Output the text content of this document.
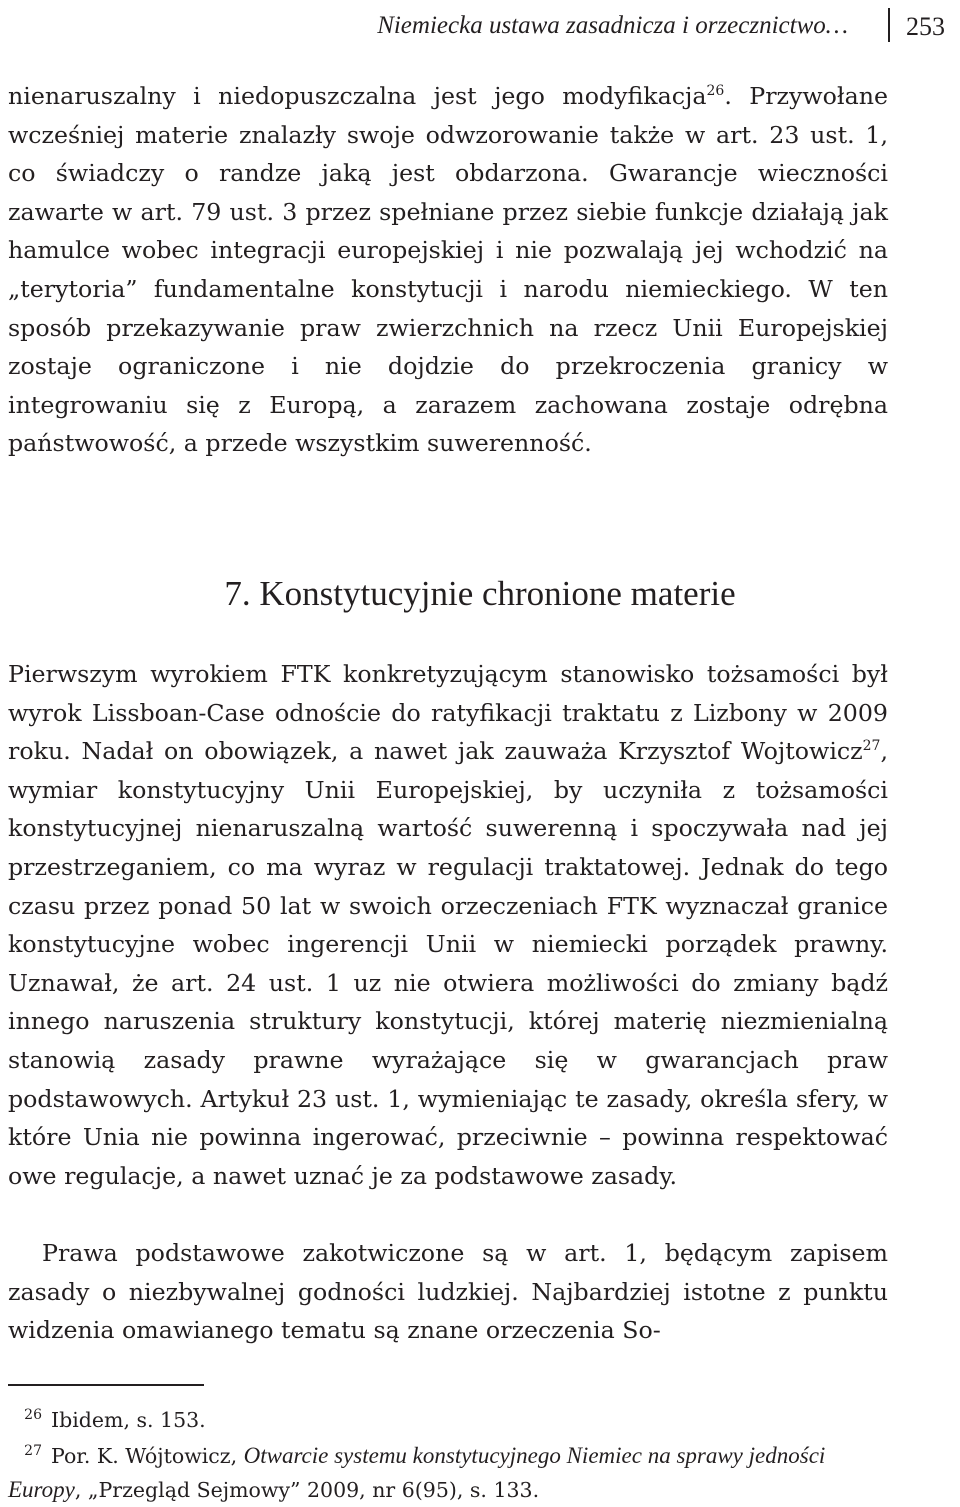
Niemiecka ustawa zasadnicza i orzecznictwo… 253

nienaruszalny i niedopuszczalna jest jego modyfikacja$^{26}$. Przywołane wcześniej materie znalazły swoje odwzorowanie także w art. 23 ust. 1, co świadczy o randze jaką jest obdarzona. Gwarancje wieczności zawarte w art. 79 ust. 3 przez spełniane przez siebie funkcje działają jak hamulce wobec integracji europejskiej i nie pozwalają jej wchodzić na „terytoria” fundamentalne konstytucji i narodu niemieckiego. W ten sposób przekazywanie praw zwierzchnich na rzecz Unii Europejskiej zostaje ograniczone i nie dojdzie do przekroczenia granicy w integrowaniu się z Europą, a zarazem zachowana zostaje odrębna państwowość, a przede wszystkim suwerenność.

7. Konstytucyjnie chronione materie

Pierwszym wyrokiem FTK konkretyzującym stanowisko tożsamości był wyrok Lissboan-Case odnoście do ratyfikacji traktatu z Lizbony w 2009 roku. Nadał on obowiązek, a nawet jak zauważa Krzysztof Wojtowicz$^{27}$, wymiar konstytucyjny Unii Europejskiej, by uczyniła z tożsamości konstytucyjnej nienaruszalną wartość suwerenną i spoczywała nad jej przestrzeganiem, co ma wyraz w regulacji traktatowej. Jednak do tego czasu przez ponad 50 lat w swoich orzeczeniach FTK wyznaczał granice konstytucyjne wobec ingerencji Unii w niemiecki porządek prawny. Uznawał, że art. 24 ust. 1 uz nie otwiera możliwości do zmiany bądź innego naruszenia struktury konstytucji, której materię niezmienialną stanowią zasady prawne wyrażające się w gwarancjach praw podstawowych. Artykuł 23 ust. 1, wymieniając te zasady, określa sfery, w które Unia nie powinna ingerować, przeciwnie – powinna respektować owe regulacje, a nawet uznać je za podstawowe zasady.

Prawa podstawowe zakotwiczone są w art. 1, będącym zapisem zasady o niezbywalnej godności ludzkiej. Najbardziej istotne z punktu widzenia omawianego tematu są znane orzeczenia So-

$^{26}$ Ibidem, s. 153.

$^{27}$ Por. K. Wójtowicz, Otwarcie systemu konstytucyjnego Niemiec na sprawy jedności Europy, „Przegląd Sejmowy” 2009, nr 6(95), s. 133.
